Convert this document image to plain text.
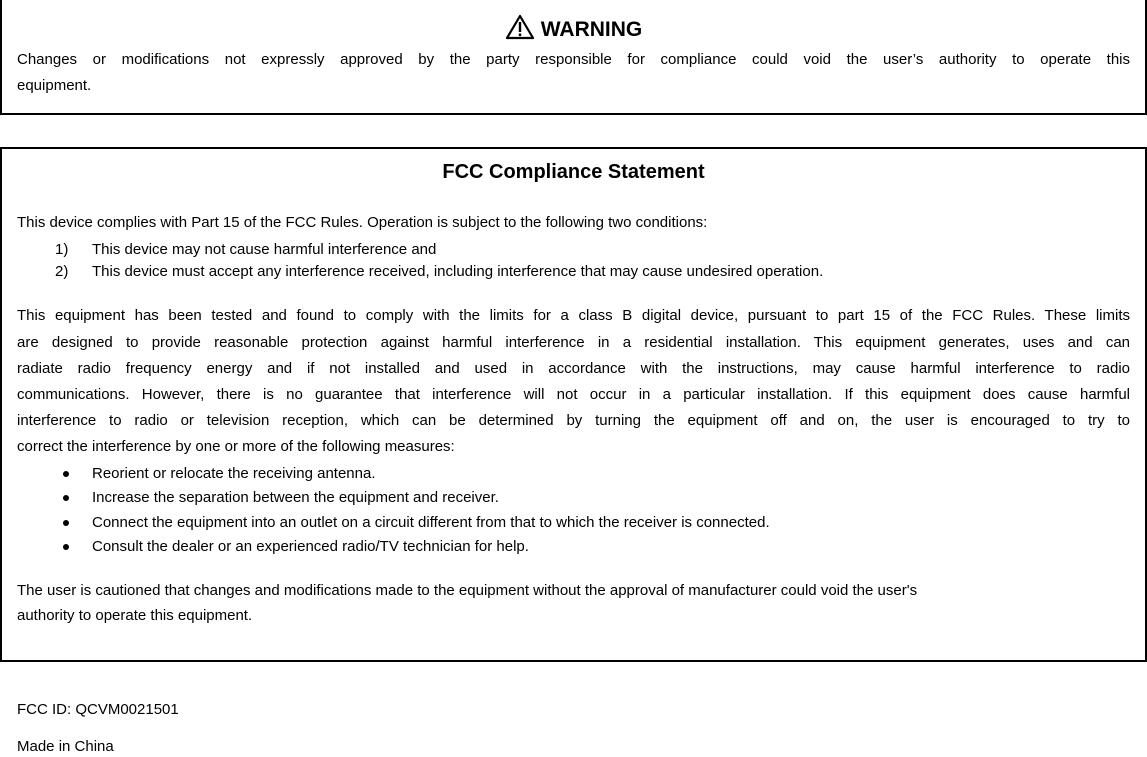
WARNING
Changes or modifications not expressly approved by the party responsible for compliance could void the user’s authority to operate this
equipment.
FCC Compliance Statement
This device complies with Part 15 of the FCC Rules. Operation is subject to the following two conditions:
1)	This device may not cause harmful interference and
2)	This device must accept any interference received, including interference that may cause undesired operation.
This equipment has been tested and found to comply with the limits for a class B digital device, pursuant to part 15 of the FCC Rules. These limits
are designed to provide reasonable protection against harmful interference in a residential installation. This equipment generates, uses and can
radiate radio frequency energy and if not installed and used in accordance with the instructions, may cause harmful interference to radio
communications. However, there is no guarantee that interference will not occur in a particular installation. If this equipment does cause harmful
interference to radio or television reception, which can be determined by turning the equipment off and on, the user is encouraged to try to
correct the interference by one or more of the following measures:
Reorient or relocate the receiving antenna.
Increase the separation between the equipment and receiver.
Connect the equipment into an outlet on a circuit different from that to which the receiver is connected.
Consult the dealer or an experienced radio/TV technician for help.
The user is cautioned that changes and modifications made to the equipment without the approval of manufacturer could void the user's
authority to operate this equipment.
FCC ID: QCVM0021501
Made in China
